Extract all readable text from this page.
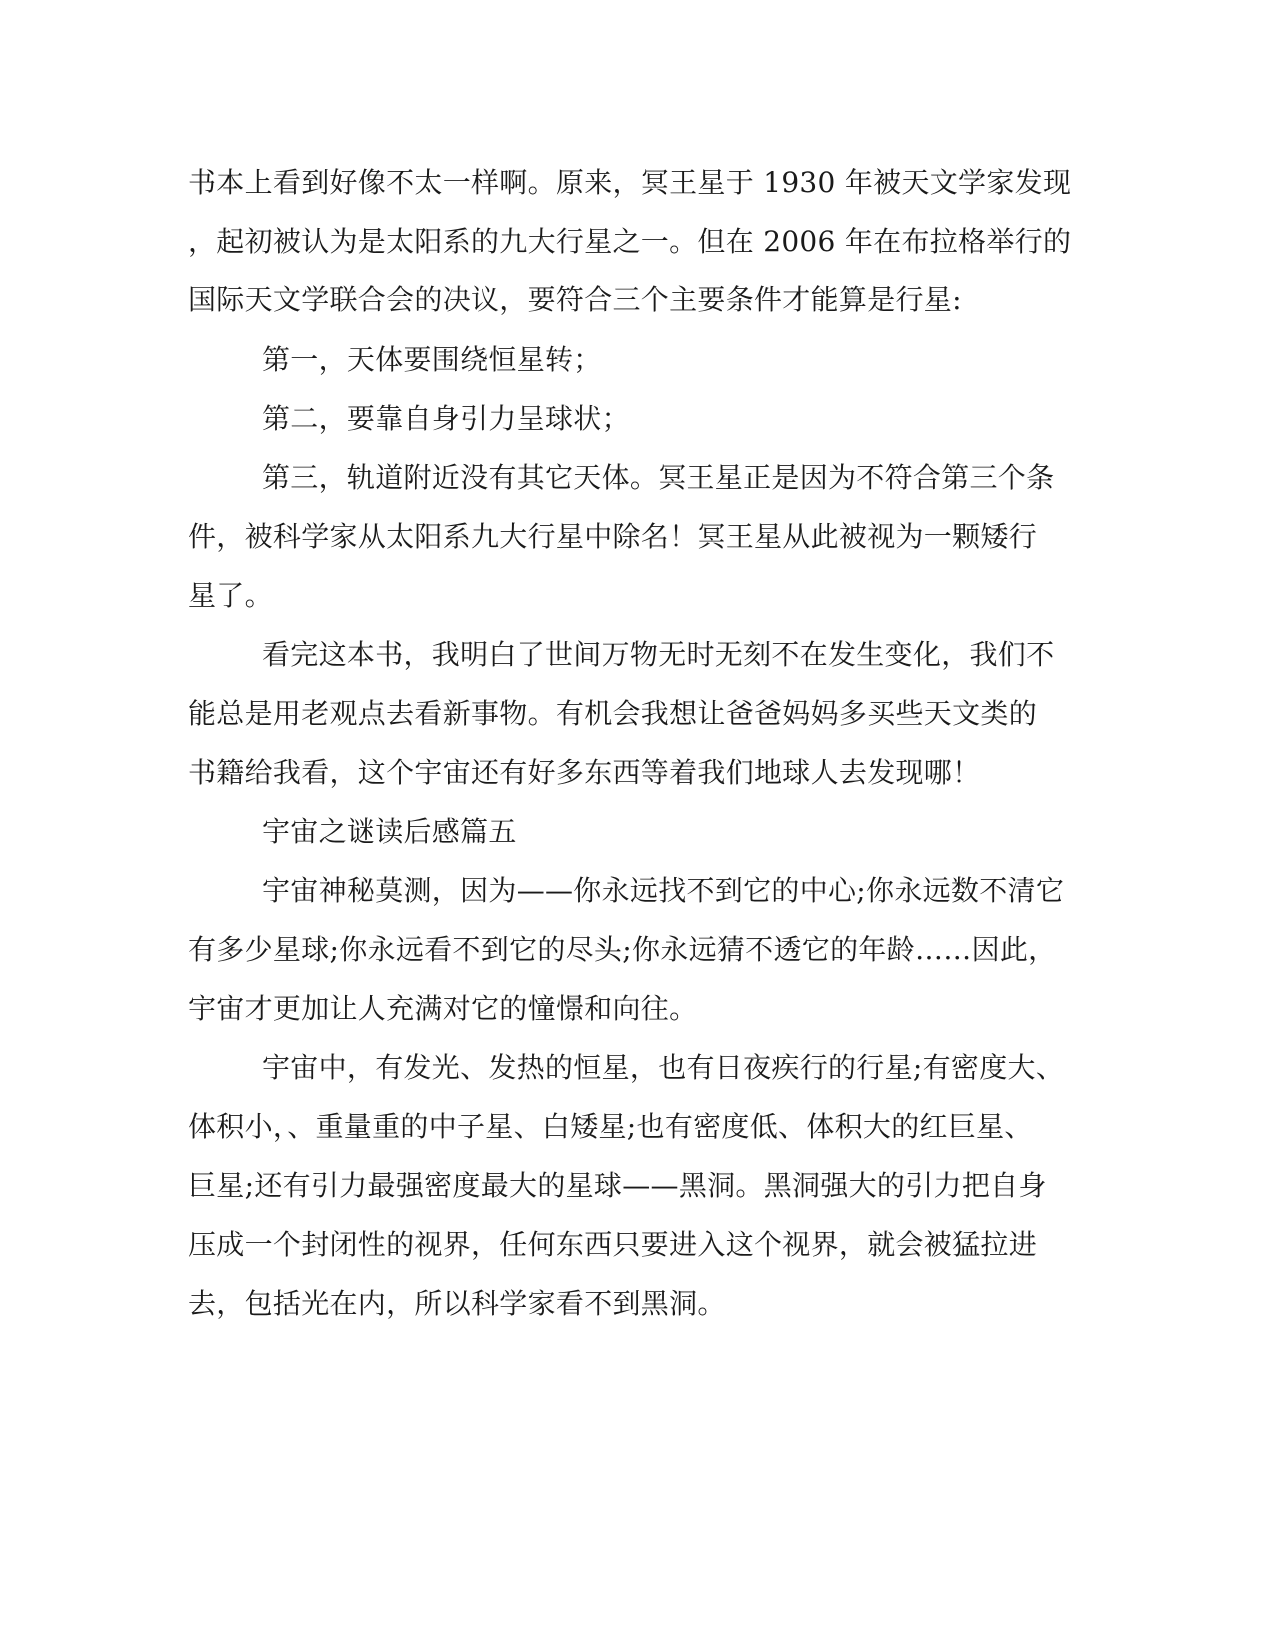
书本上看到好像不太一样啊。原来，冥王星于 1930 年被天文学家发现
，起初被认为是太阳系的九大行星之一。但在 2006 年在布拉格举行的
国际天文学联合会的决议，要符合三个主要条件才能算是行星:
第一，天体要围绕恒星转；
第二，要靠自身引力呈球状；
第三，轨道附近没有其它天体。冥王星正是因为不符合第三个条
件，被科学家从太阳系九大行星中除名！冥王星从此被视为一颗矮行
星了。
看完这本书，我明白了世间万物无时无刻不在发生变化，我们不
能总是用老观点去看新事物。有机会我想让爸爸妈妈多买些天文类的
书籍给我看，这个宇宙还有好多东西等着我们地球人去发现哪！
宇宙之谜读后感篇五
宇宙神秘莫测，因为——你永远找不到它的中心;你永远数不清它
有多少星球;你永远看不到它的尽头;你永远猜不透它的年龄……因此，
宇宙才更加让人充满对它的憧憬和向往。
宇宙中，有发光、发热的恒星，也有日夜疾行的行星;有密度大、
体积小，、重量重的中子星、白矮星;也有密度低、体积大的红巨星、
巨星;还有引力最强密度最大的星球——黑洞。黑洞强大的引力把自身
压成一个封闭性的视界，任何东西只要进入这个视界，就会被猛拉进
去，包括光在内，所以科学家看不到黑洞。
